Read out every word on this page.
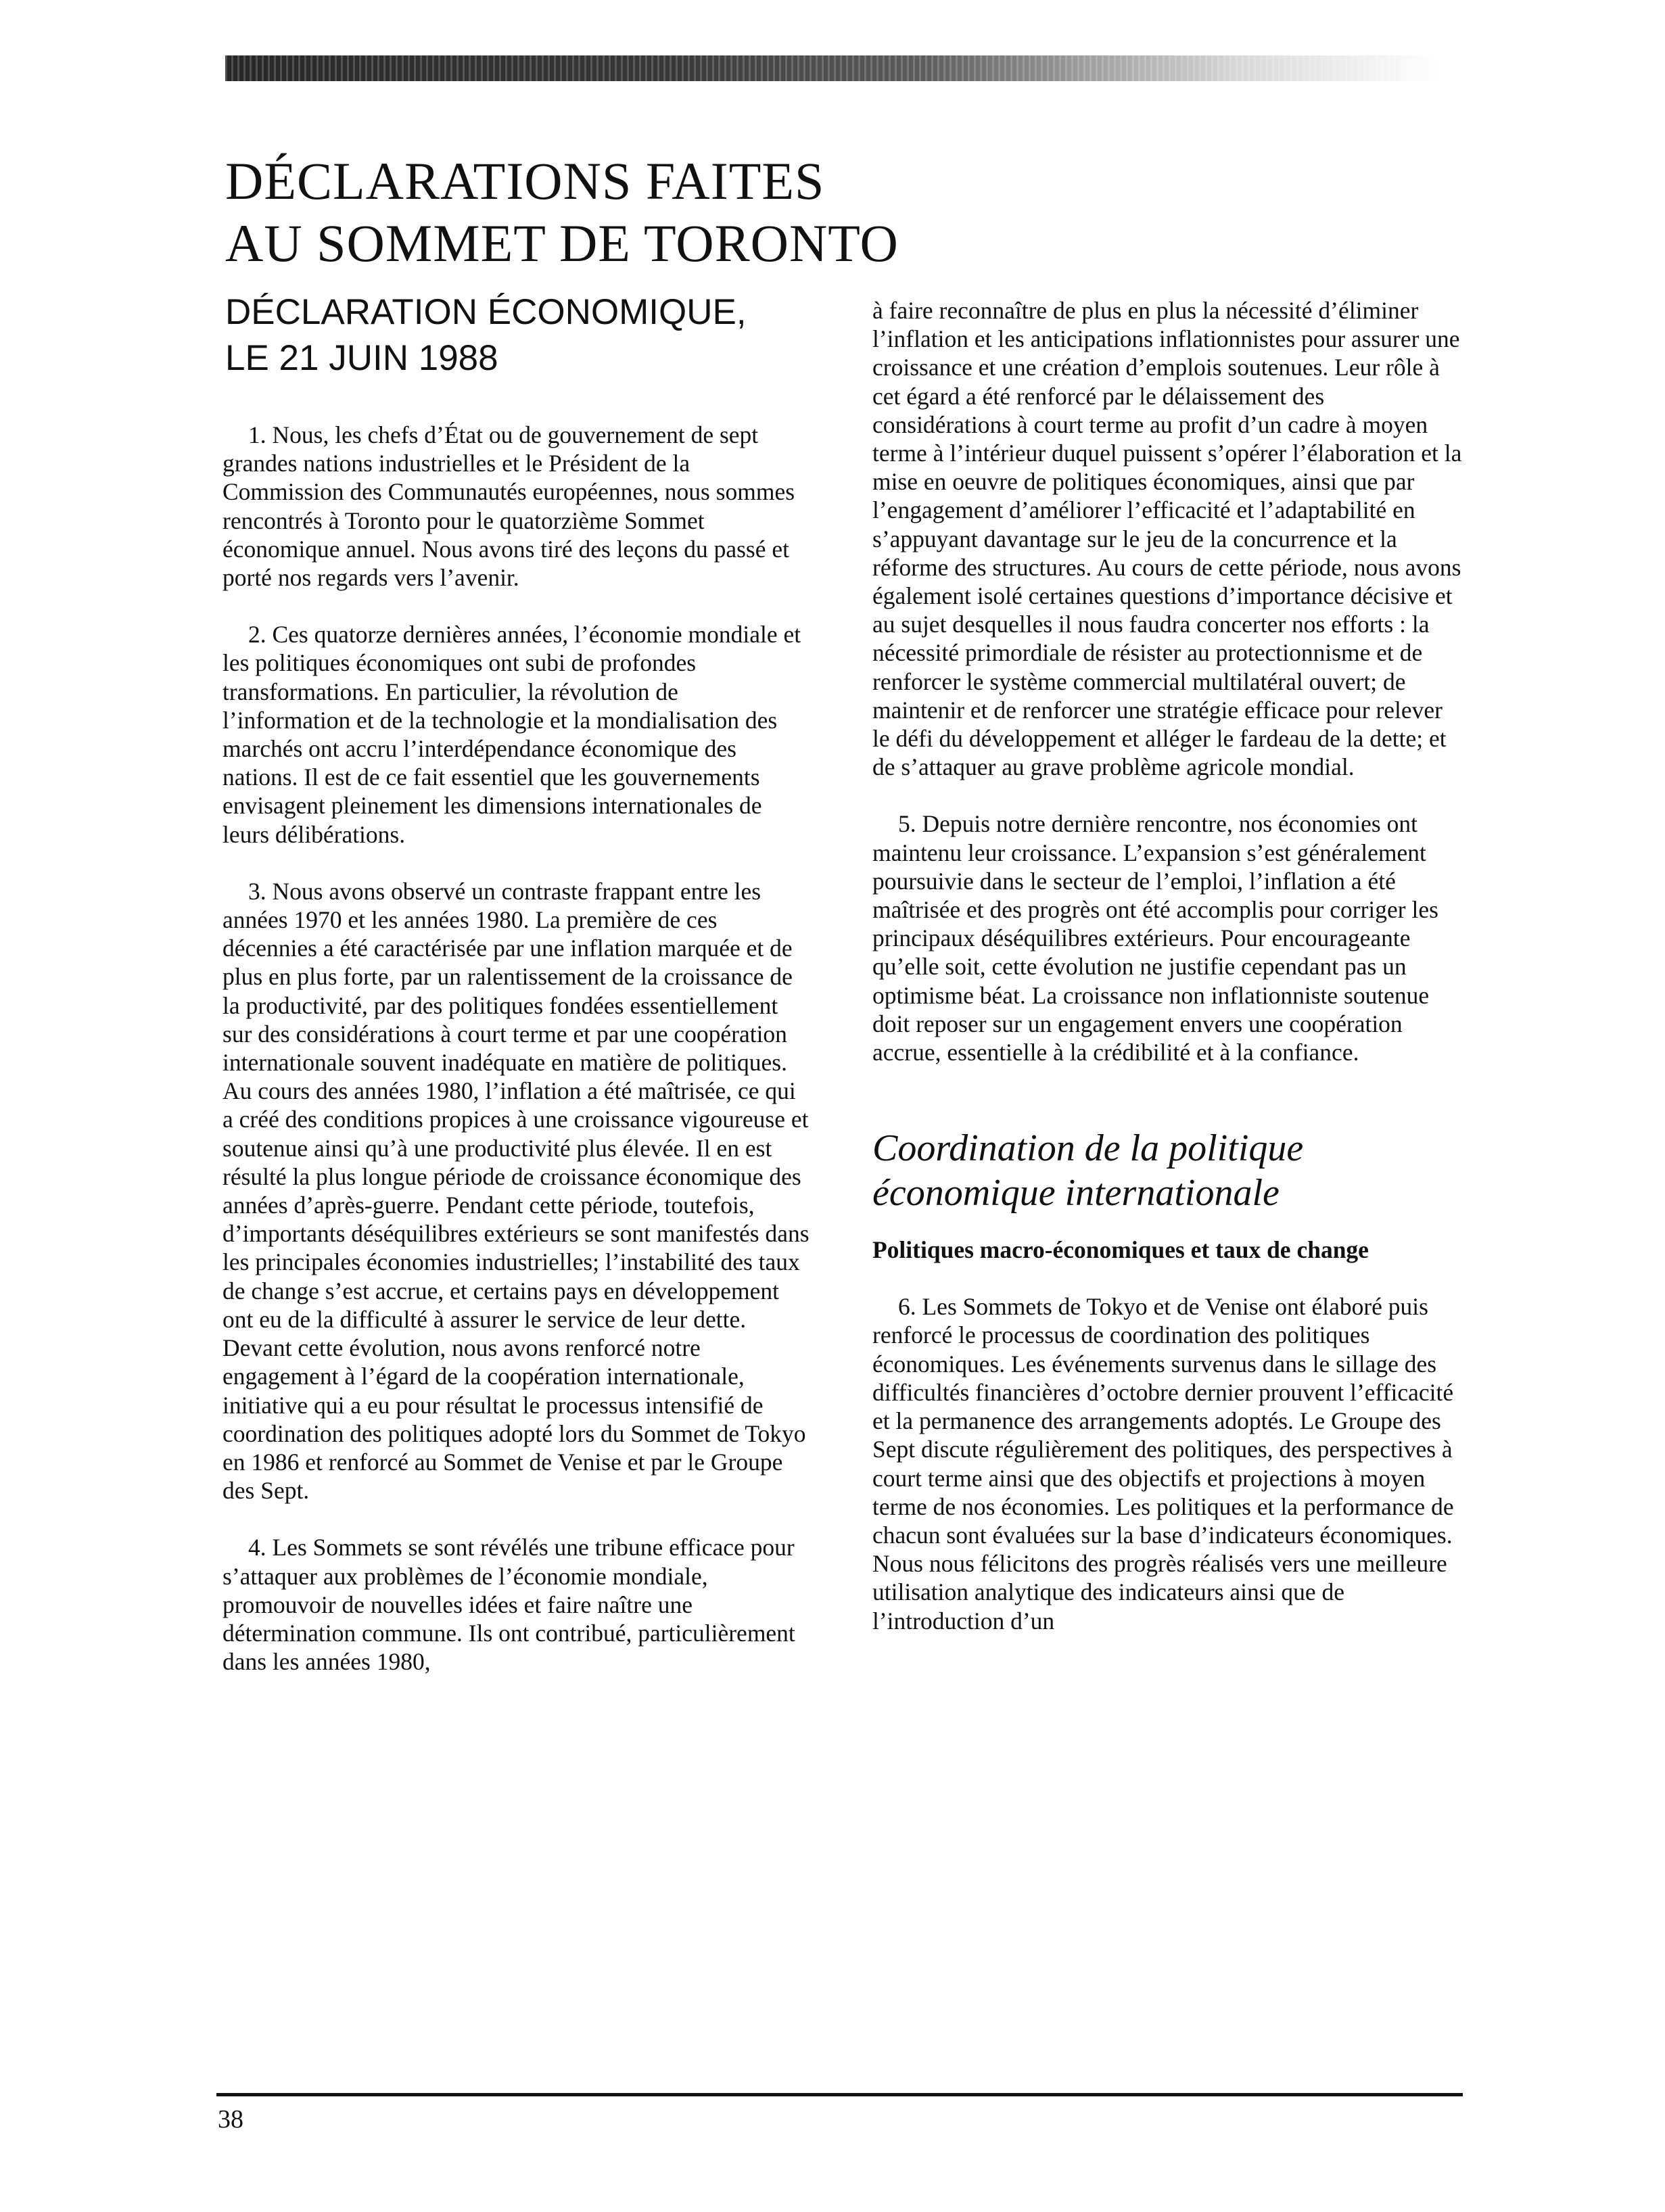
DÉCLARATIONS FAITES
AU SOMMET DE TORONTO
DÉCLARATION ÉCONOMIQUE,
LE 21 JUIN 1988

1. Nous, les chefs d’État ou de gouvernement de sept grandes nations industrielles et le Président de la Commission des Communautés européennes, nous sommes rencontrés à Toronto pour le quatorzième Sommet économique annuel. Nous avons tiré des leçons du passé et porté nos regards vers l’avenir.

2. Ces quatorze dernières années, l’économie mondiale et les politiques économiques ont subi de profondes transformations. En particulier, la révolution de l’information et de la technologie et la mondialisation des marchés ont accru l’interdépendance économique des nations. Il est de ce fait essentiel que les gouvernements envisagent pleinement les dimensions internationales de leurs délibérations.

3. Nous avons observé un contraste frappant entre les années 1970 et les années 1980. La première de ces décennies a été caractérisée par une inflation marquée et de plus en plus forte, par un ralentissement de la croissance de la productivité, par des politiques fondées essentiellement sur des considérations à court terme et par une coopération internationale souvent inadéquate en matière de politiques. Au cours des années 1980, l’inflation a été maîtrisée, ce qui a créé des conditions propices à une croissance vigoureuse et soutenue ainsi qu’à une productivité plus élevée. Il en est résulté la plus longue période de croissance économique des années d’après-guerre. Pendant cette période, toutefois, d’importants déséquilibres extérieurs se sont manifestés dans les principales économies industrielles; l’instabilité des taux de change s’est accrue, et certains pays en développement ont eu de la difficulté à assurer le service de leur dette. Devant cette évolution, nous avons renforcé notre engagement à l’égard de la coopération internationale, initiative qui a eu pour résultat le processus intensifié de coordination des politiques adopté lors du Sommet de Tokyo en 1986 et renforcé au Sommet de Venise et par le Groupe des Sept.

4. Les Sommets se sont révélés une tribune efficace pour s’attaquer aux problèmes de l’économie mondiale, promouvoir de nouvelles idées et faire naître une détermination commune. Ils ont contribué, particulièrement dans les années 1980,

à faire reconnaître de plus en plus la nécessité d’éliminer l’inflation et les anticipations inflationnistes pour assurer une croissance et une création d’emplois soutenues. Leur rôle à cet égard a été renforcé par le délaissement des considérations à court terme au profit d’un cadre à moyen terme à l’intérieur duquel puissent s’opérer l’élaboration et la mise en oeuvre de politiques économiques, ainsi que par l’engagement d’améliorer l’efficacité et l’adaptabilité en s’appuyant davantage sur le jeu de la concurrence et la réforme des structures. Au cours de cette période, nous avons également isolé certaines questions d’importance décisive et au sujet desquelles il nous faudra concerter nos efforts : la nécessité primordiale de résister au protectionnisme et de renforcer le système commercial multilatéral ouvert; de maintenir et de renforcer une stratégie efficace pour relever le défi du développement et alléger le fardeau de la dette; et de s’attaquer au grave problème agricole mondial.

5. Depuis notre dernière rencontre, nos économies ont maintenu leur croissance. L’expansion s’est généralement poursuivie dans le secteur de l’emploi, l’inflation a été maîtrisée et des progrès ont été accomplis pour corriger les principaux déséquilibres extérieurs. Pour encourageante qu’elle soit, cette évolution ne justifie cependant pas un optimisme béat. La croissance non inflationniste soutenue doit reposer sur un engagement envers une coopération accrue, essentielle à la crédibilité et à la confiance.

Coordination de la politique
économique internationale
Politiques macro-économiques et taux de change

6. Les Sommets de Tokyo et de Venise ont élaboré puis renforcé le processus de coordination des politiques économiques. Les événements survenus dans le sillage des difficultés financières d’octobre dernier prouvent l’efficacité et la permanence des arrangements adoptés. Le Groupe des Sept discute régulièrement des politiques, des perspectives à court terme ainsi que des objectifs et projections à moyen terme de nos économies. Les politiques et la performance de chacun sont évaluées sur la base d’indicateurs économiques. Nous nous félicitons des progrès réalisés vers une meilleure utilisation analytique des indicateurs ainsi que de l’introduction d’un

38
